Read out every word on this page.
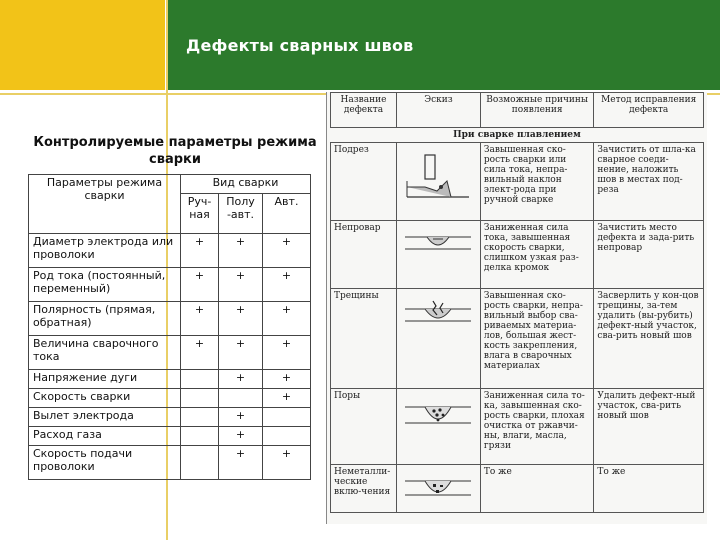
Дефекты сварных швов
Контролируемые параметры режима сварки
Параметры режима сварки	Вид сварки		
	Руч-ная	Полу -авт.	Авт.
Диаметр электрода или проволоки	+	+	+
Род тока (постоянный, переменный)	+	+	+
Полярность (прямая, обратная)	+	+	+
Величина сварочного тока	+	+	+
Напряжение дуги		+	+
Скорость сварки			+
Вылет электрода		+	
Расход газа		+	
Скорость подачи проволоки		+	+
Название дефекта	Эскиз	Возможные причины появления	Метод исправления дефекта
При сварке плавлением			
Подрез		Завышенная ско-рость сварки или сила тока, непра-вильный наклон элект-рода при ручной сварке	Зачистить от шла-ка сварное соеди-нение, наложить шов в местах под-реза
Непровар		Заниженная сила тока, завышенная скорость сварки, слишком узкая раз-делка кромок	Зачистить место дефекта и зада-рить непровар
Трещины		Завышенная ско-рость сварки, непра-вильный выбор сва-риваемых материа-лов, большая жест-кость закрепления, влага в сварочных материалах	Засверлить у кон-цов трещины, за-тем удалить (вы-рубить) дефект-ный участок, сва-рить новый шов
Поры		Заниженная сила то-ка, завышенная ско-рость сварки, плохая очистка от ржавчи-ны, влаги, масла, грязи	Удалить дефект-ный участок, сва-рить новый шов
Неметалли-ческие вклю-чения		То же	То же
